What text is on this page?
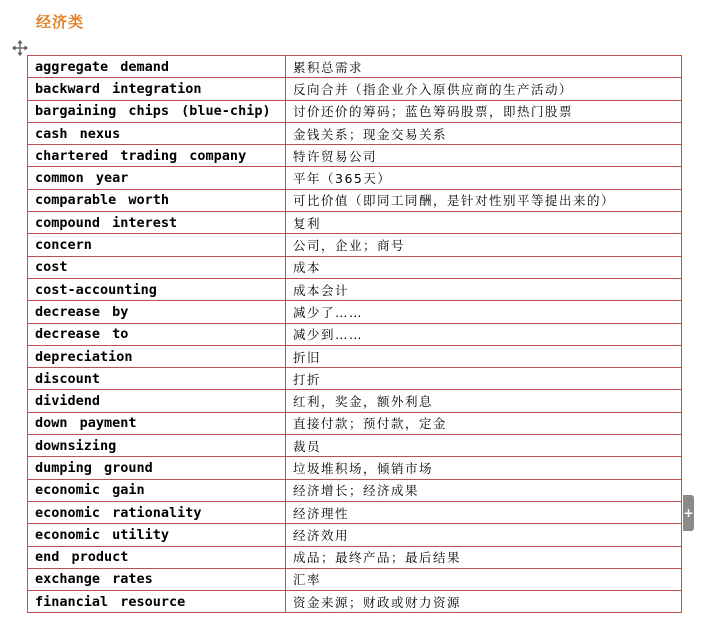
经济类
aggregate demand	累积总需求
backward integration	反向合并（指企业介入原供应商的生产活动）
bargaining chips (blue-chip)	讨价还价的筹码；蓝色筹码股票，即热门股票
cash nexus	金钱关系；现金交易关系
chartered trading company	特许贸易公司
common year	平年（365天）
comparable worth	可比价值（即同工同酬，是针对性别平等提出来的）
compound interest	复利
concern	公司，企业；商号
cost	成本
cost-accounting	成本会计
decrease by	减少了……
decrease to	减少到……
depreciation	折旧
discount	打折
dividend	红利，奖金，额外利息
down payment	直接付款；预付款，定金
downsizing	裁员
dumping ground	垃圾堆积场，倾销市场
economic gain	经济增长；经济成果
economic rationality	经济理性
economic utility	经济效用
end product	成品；最终产品；最后结果
exchange rates	汇率
financial resource	资金来源；财政或财力资源
+
